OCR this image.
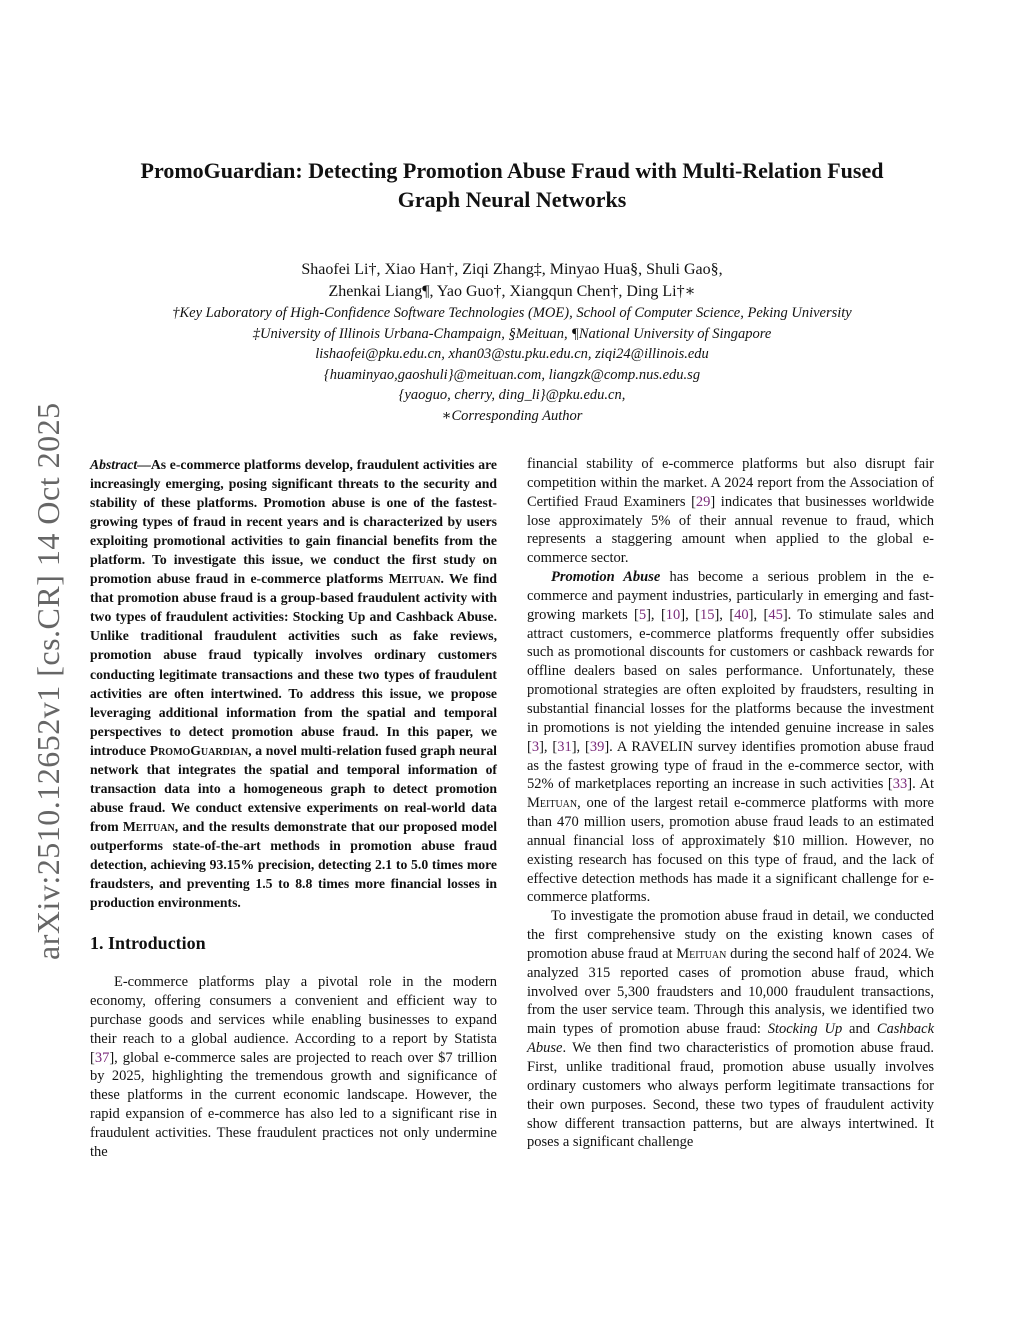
arXiv:2510.12652v1 [cs.CR] 14 Oct 2025
PromoGuardian: Detecting Promotion Abuse Fraud with Multi-Relation Fused
Graph Neural Networks
Shaofei Li†, Xiao Han†, Ziqi Zhang‡, Minyao Hua§, Shuli Gao§,
Zhenkai Liang¶, Yao Guo†, Xiangqun Chen†, Ding Li†∗
†Key Laboratory of High-Confidence Software Technologies (MOE), School of Computer Science, Peking University
‡University of Illinois Urbana-Champaign, §Meituan, ¶National University of Singapore
lishaofei@pku.edu.cn, xhan03@stu.pku.edu.cn, ziqi24@illinois.edu
{huaminyao,gaoshuli}@meituan.com, liangzk@comp.nus.edu.sg
{yaoguo, cherry, ding_li}@pku.edu.cn,
∗Corresponding Author

Abstract—As e-commerce platforms develop, fraudulent activities are increasingly emerging, posing significant threats to the security and stability of these platforms. Promotion abuse is one of the fastest-growing types of fraud in recent years and is characterized by users exploiting promotional activities to gain financial benefits from the platform. To investigate this issue, we conduct the first study on promotion abuse fraud in e-commerce platforms Meituan. We find that promotion abuse fraud is a group-based fraudulent activity with two types of fraudulent activities: Stocking Up and Cashback Abuse. Unlike traditional fraudulent activities such as fake reviews, promotion abuse fraud typically involves ordinary customers conducting legitimate transactions and these two types of fraudulent activities are often intertwined. To address this issue, we propose leveraging additional information from the spatial and temporal perspectives to detect promotion abuse fraud. In this paper, we introduce PromoGuardian, a novel multi-relation fused graph neural network that integrates the spatial and temporal information of transaction data into a homogeneous graph to detect promotion abuse fraud. We conduct extensive experiments on real-world data from Meituan, and the results demonstrate that our proposed model outperforms state-of-the-art methods in promotion abuse fraud detection, achieving 93.15% precision, detecting 2.1 to 5.0 times more fraudsters, and preventing 1.5 to 8.8 times more financial losses in production environments.

1. Introduction

E-commerce platforms play a pivotal role in the modern economy, offering consumers a convenient and efficient way to purchase goods and services while enabling businesses to expand their reach to a global audience. According to a report by Statista [37], global e-commerce sales are projected to reach over $7 trillion by 2025, highlighting the tremendous growth and significance of these platforms in the current economic landscape. However, the rapid expansion of e-commerce has also led to a significant rise in fraudulent activities. These fraudulent practices not only undermine the

financial stability of e-commerce platforms but also disrupt fair competition within the market. A 2024 report from the Association of Certified Fraud Examiners [29] indicates that businesses worldwide lose approximately 5% of their annual revenue to fraud, which represents a staggering amount when applied to the global e-commerce sector.

Promotion Abuse has become a serious problem in the e-commerce and payment industries, particularly in emerging and fast-growing markets [5], [10], [15], [40], [45]. To stimulate sales and attract customers, e-commerce platforms frequently offer subsidies such as promotional discounts for customers or cashback rewards for offline dealers based on sales performance. Unfortunately, these promotional strategies are often exploited by fraudsters, resulting in substantial financial losses for the platforms because the investment in promotions is not yielding the intended genuine increase in sales [3], [31], [39]. A RAVELIN survey identifies promotion abuse fraud as the fastest growing type of fraud in the e-commerce sector, with 52% of marketplaces reporting an increase in such activities [33]. At Meituan, one of the largest retail e-commerce platforms with more than 470 million users, promotion abuse fraud leads to an estimated annual financial loss of approximately $10 million. However, no existing research has focused on this type of fraud, and the lack of effective detection methods has made it a significant challenge for e-commerce platforms.

To investigate the promotion abuse fraud in detail, we conducted the first comprehensive study on the existing known cases of promotion abuse fraud at Meituan during the second half of 2024. We analyzed 315 reported cases of promotion abuse fraud, which involved over 5,300 fraudsters and 10,000 fraudulent transactions, from the user service team. Through this analysis, we identified two main types of promotion abuse fraud: Stocking Up and Cashback Abuse. We then find two characteristics of promotion abuse fraud. First, unlike traditional fraud, promotion abuse usually involves ordinary customers who always perform legitimate transactions for their own purposes. Second, these two types of fraudulent activity show different transaction patterns, but are always intertwined. It poses a significant challenge
